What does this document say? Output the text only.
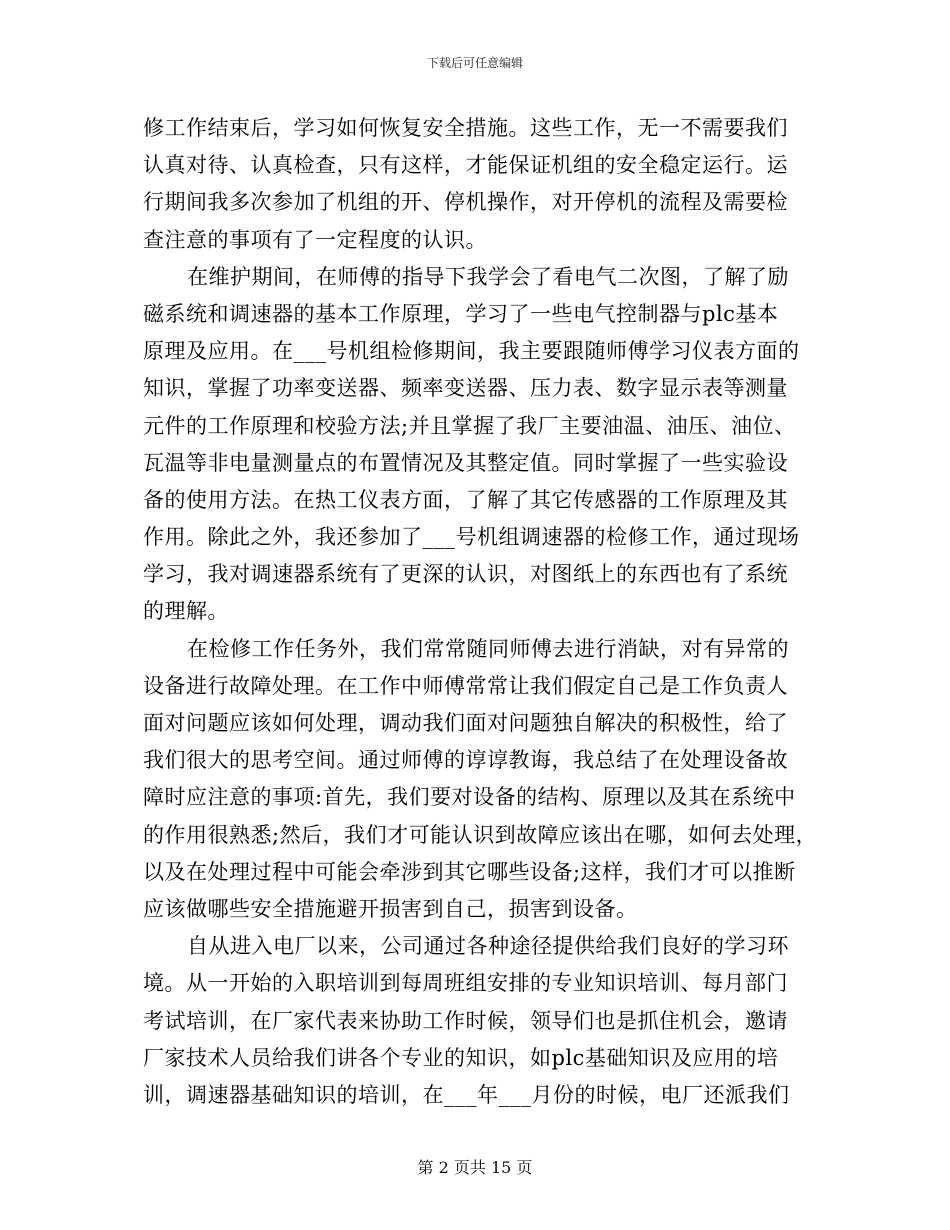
下载后可任意编辑
修工作结束后，学习如何恢复安全措施。这些工作，无一不需要我们
认真对待、认真检查，只有这样，才能保证机组的安全稳定运行。运
行期间我多次参加了机组的开、停机操作，对开停机的流程及需要检
查注意的事项有了一定程度的认识。
在维护期间，在师傅的指导下我学会了看电气二次图，了解了励
磁系统和调速器的基本工作原理，学习了一些电气控制器与plc基本
原理及应用。在___号机组检修期间，我主要跟随师傅学习仪表方面的
知识，掌握了功率变送器、频率变送器、压力表、数字显示表等测量
元件的工作原理和校验方法;并且掌握了我厂主要油温、油压、油位、
瓦温等非电量测量点的布置情况及其整定值。同时掌握了一些实验设
备的使用方法。在热工仪表方面，了解了其它传感器的工作原理及其
作用。除此之外，我还参加了___号机组调速器的检修工作，通过现场
学习，我对调速器系统有了更深的认识，对图纸上的东西也有了系统
的理解。
在检修工作任务外，我们常常随同师傅去进行消缺，对有异常的
设备进行故障处理。在工作中师傅常常让我们假定自己是工作负责人
面对问题应该如何处理，调动我们面对问题独自解决的积极性，给了
我们很大的思考空间。通过师傅的谆谆教诲，我总结了在处理设备故
障时应注意的事项:首先，我们要对设备的结构、原理以及其在系统中
的作用很熟悉;然后，我们才可能认识到故障应该出在哪，如何去处理，
以及在处理过程中可能会牵涉到其它哪些设备;这样，我们才可以推断
应该做哪些安全措施避开损害到自己，损害到设备。
自从进入电厂以来，公司通过各种途径提供给我们良好的学习环
境。从一开始的入职培训到每周班组安排的专业知识培训、每月部门
考试培训，在厂家代表来协助工作时候，领导们也是抓住机会，邀请
厂家技术人员给我们讲各个专业的知识，如plc基础知识及应用的培
训，调速器基础知识的培训，在___年___月份的时候，电厂还派我们
第 2 页共 15 页
